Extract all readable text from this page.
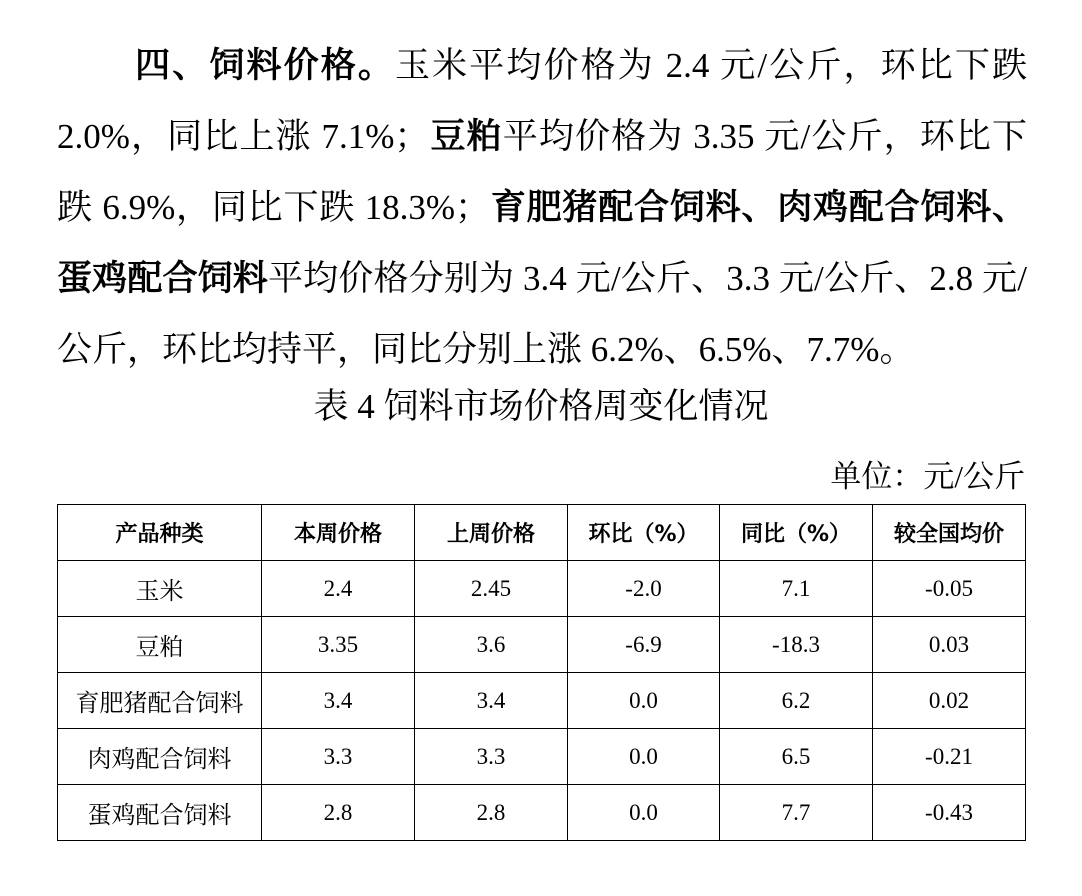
四、饲料价格。玉米平均价格为 2.4 元/公斤，环比下跌 2.0%，同比上涨 7.1%；豆粕平均价格为 3.35 元/公斤，环比下跌 6.9%，同比下跌 18.3%；育肥猪配合饲料、肉鸡配合饲料、蛋鸡配合饲料平均价格分别为 3.4 元/公斤、3.3 元/公斤、2.8 元/公斤，环比均持平，同比分别上涨 6.2%、6.5%、7.7%。

表 4 饲料市场价格周变化情况
单位：元/公斤
产品种类	本周价格	上周价格	环比（%）	同比（%）	较全国均价
玉米	2.4	2.45	-2.0	7.1	-0.05
豆粕	3.35	3.6	-6.9	-18.3	0.03
育肥猪配合饲料	3.4	3.4	0.0	6.2	0.02
肉鸡配合饲料	3.3	3.3	0.0	6.5	-0.21
蛋鸡配合饲料	2.8	2.8	0.0	7.7	-0.43
